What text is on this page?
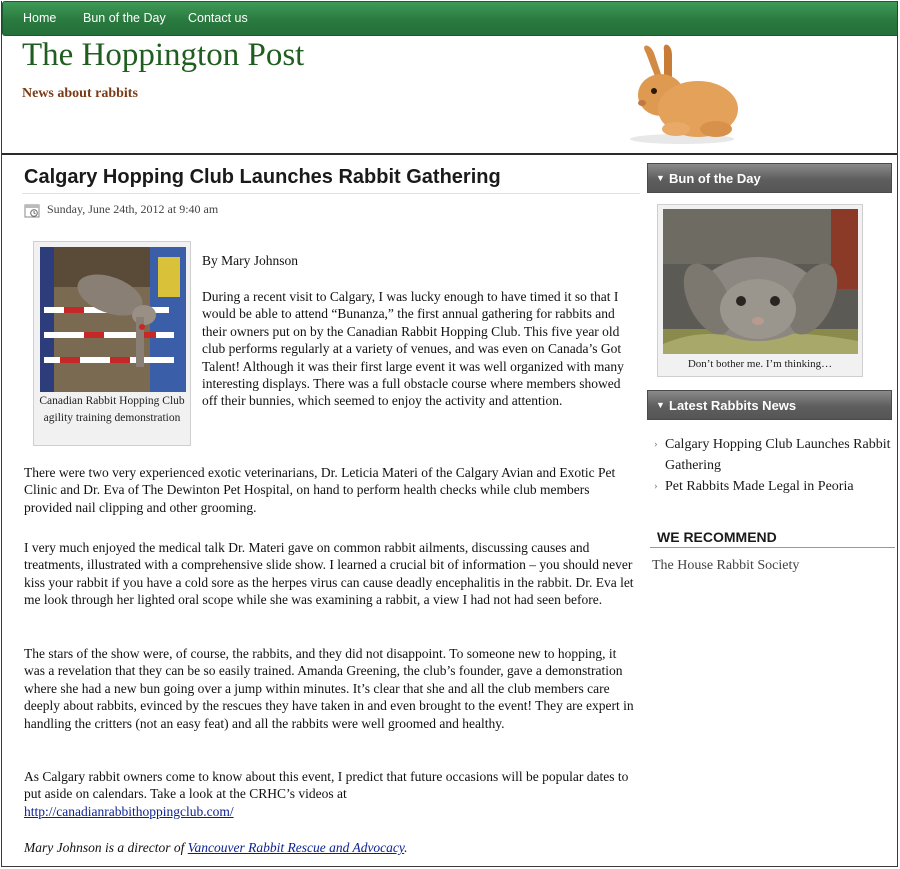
Home Bun of the Day Contact us
The Hoppington Post
News about rabbits
Calgary Hopping Club Launches Rabbit Gathering
Sunday, June 24th, 2012 at 9:40 am
Canadian Rabbit Hopping Club agility training demonstration
By Mary Johnson

During a recent visit to Calgary, I was lucky enough to have timed it so that I would be able to attend “Bunanza,” the first annual gathering for rabbits and their owners put on by the Canadian Rabbit Hopping Club. This five year old club performs regularly at a variety of venues, and was even on Canada’s Got Talent! Although it was their first large event it was well organized with many interesting displays. There was a full obstacle course where members showed off their bunnies, which seemed to enjoy the activity and attention.

There were two very experienced exotic veterinarians, Dr. Leticia Materi of the Calgary Avian and Exotic Pet Clinic and Dr. Eva of The Dewinton Pet Hospital, on hand to perform health checks while club members provided nail clipping and other grooming.

I very much enjoyed the medical talk Dr. Materi gave on common rabbit ailments, discussing causes and treatments, illustrated with a comprehensive slide show. I learned a crucial bit of information – you should never kiss your rabbit if you have a cold sore as the herpes virus can cause deadly encephalitis in the rabbit. Dr. Eva let me look through her lighted oral scope while she was examining a rabbit, a view I had not had seen before.

The stars of the show were, of course, the rabbits, and they did not disappoint. To someone new to hopping, it was a revelation that they can be so easily trained. Amanda Greening, the club’s founder, gave a demonstration where she had a new bun going over a jump within minutes. It’s clear that she and all the club members care deeply about rabbits, evinced by the rescues they have taken in and even brought to the event! They are expert in handling the critters (not an easy feat) and all the rabbits were well groomed and healthy.

As Calgary rabbit owners come to know about this event, I predict that future occasions will be popular dates to put aside on calendars. Take a look at the CRHC’s videos at
http://canadianrabbithoppingclub.com/

Mary Johnson is a director of Vancouver Rabbit Rescue and Advocacy.

▼ Bun of the Day
Don’t bother me. I’m thinking…
▼ Latest Rabbits News
› Calgary Hopping Club Launches Rabbit Gathering
› Pet Rabbits Made Legal in Peoria
WE RECOMMEND
The House Rabbit Society
